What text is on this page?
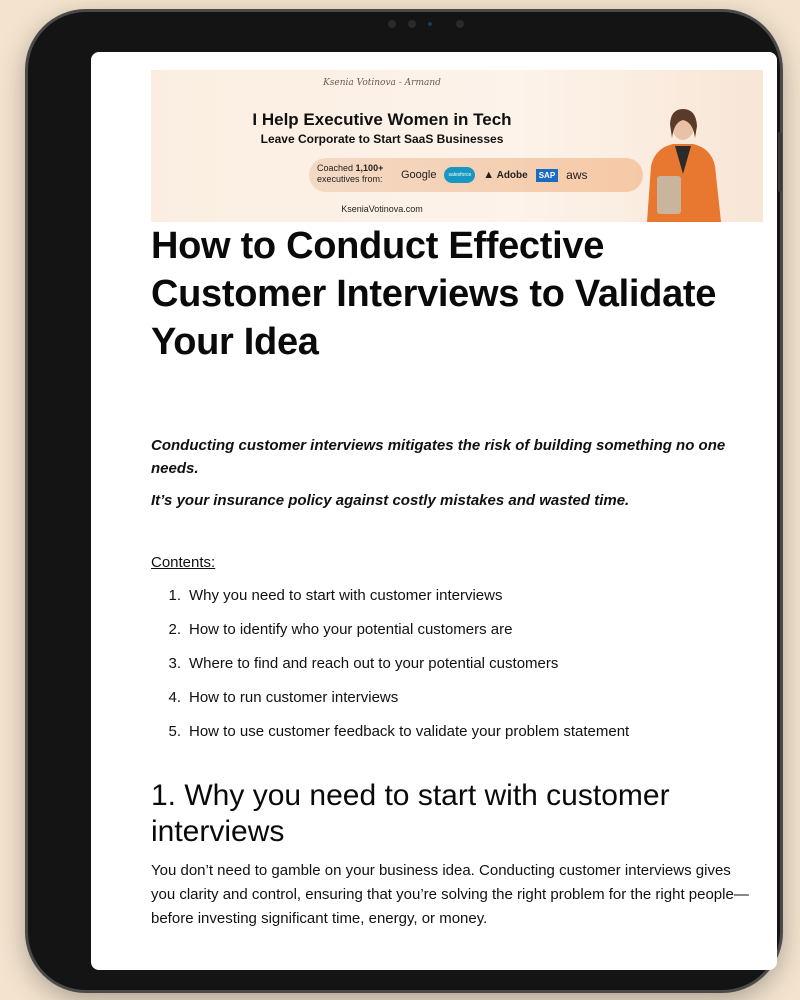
Ksenia Votinova - Armand
I Help Executive Women in Tech
Leave Corporate to Start SaaS Businesses
Coached 1,100+
executives from:	Google	salesforce	▲ Adobe	SAP aws
KseniaVotinova.com
How to Conduct Effective Customer Interviews to Validate Your Idea
Conducting customer interviews mitigates the risk of building something no one needs.
It’s your insurance policy against costly mistakes and wasted time.
Contents:
1. Why you need to start with customer interviews
2. How to identify who your potential customers are
3. Where to find and reach out to your potential customers
4. How to run customer interviews
5. How to use customer feedback to validate your problem statement
1. Why you need to start with customer interviews
You don’t need to gamble on your business idea. Conducting customer interviews gives you clarity and control, ensuring that you’re solving the right problem for the right people—before investing significant time, energy, or money.
